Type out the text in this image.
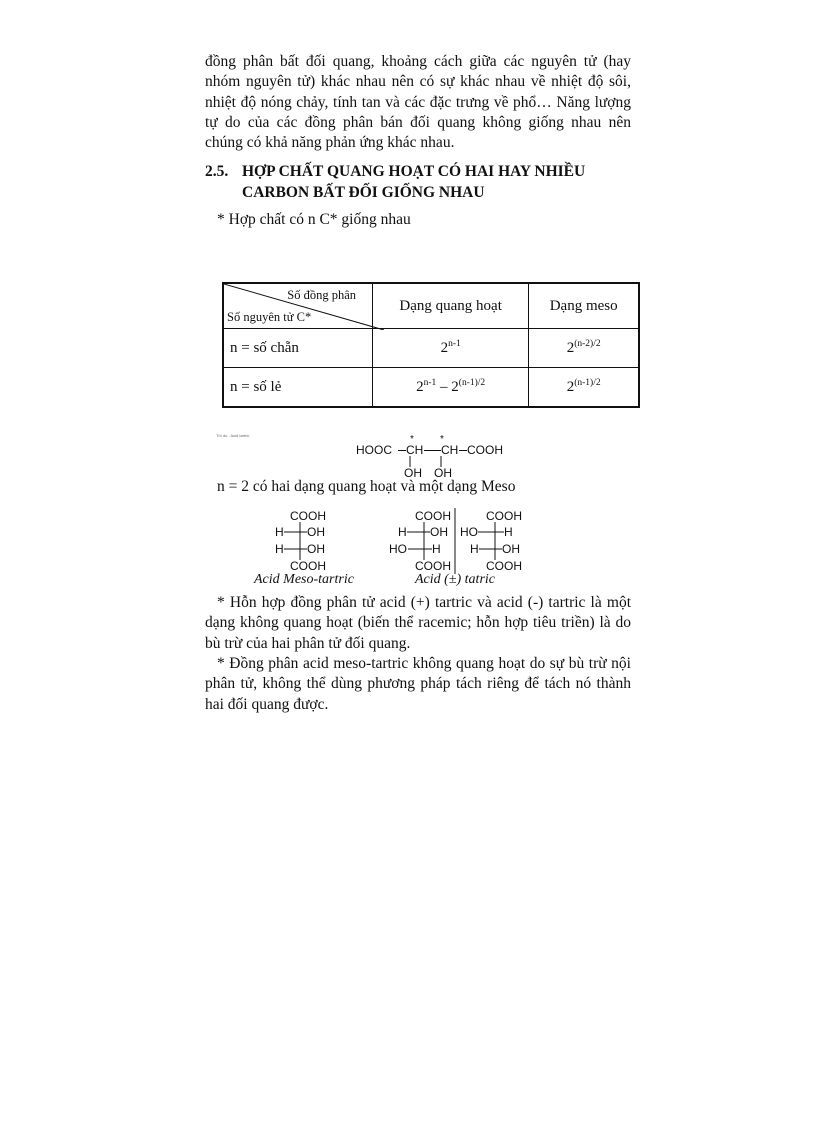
đồng phân bất đối quang, khoảng cách giữa các nguyên tử (hay nhóm nguyên tử) khác nhau nên có sự khác nhau về nhiệt độ sôi, nhiệt độ nóng chảy, tính tan và các đặc trưng về phổ… Năng lượng tự do của các đồng phân bán đối quang không giống nhau nên chúng có khả năng phản ứng khác nhau.

2.5. HỢP CHẤT QUANG HOẠT CÓ HAI HAY NHIỀU
CARBON BẤT ĐỐI GIỐNG NHAU
* Hợp chất có n C* giống nhau
Số đồng phân
Số nguyên tử C*	Dạng quang hoạt	Dạng meso
n = số chẵn	2$^{n-1}$	$2^{(n-2)/2}$
n = số lẻ	$2^{n-1} - 2^{(n-1)/2}$	$2^{(n-1)/2}$
Thí dụ : Acid tartric
HOOC CH CH COOH
*	*
OH OH
n = 2 có hai dạng quang hoạt và một dạng Meso
COOH
H OH
H OH
COOH
COOH
H OH
HO H
COOH
COOH
HO H
H OH
COOH
Acid Meso-tartric	Acid (±) tatric

* Hỗn hợp đồng phân tử acid (+) tartric và acid (-) tartric là một dạng không quang hoạt (biến thể racemic; hỗn hợp tiêu triền) là do bù trừ của hai phân tử đối quang.

* Đồng phân acid meso-tartric không quang hoạt do sự bù trừ nội phân tử, không thể dùng phương pháp tách riêng để tách nó thành hai đối quang được.
